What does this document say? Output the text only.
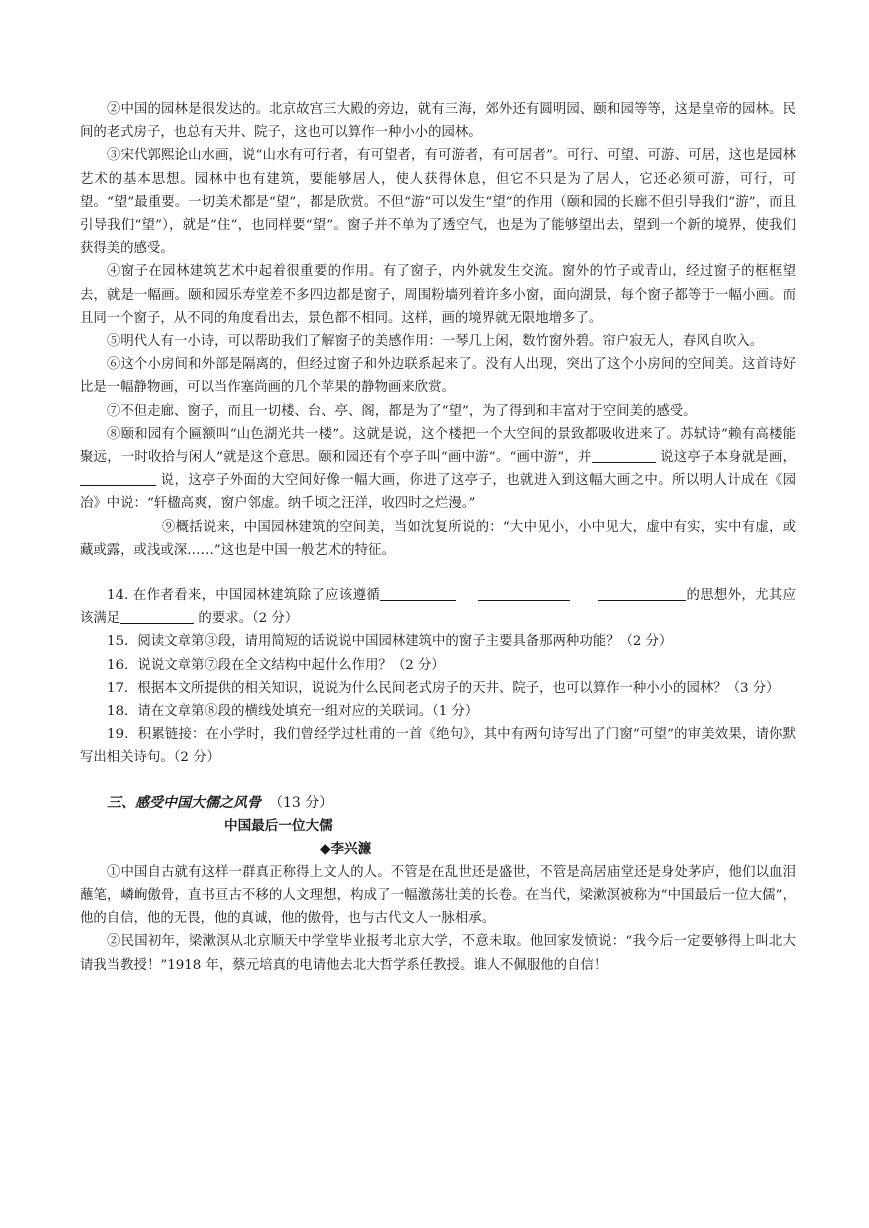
②中国的园林是很发达的。北京故宫三大殿的旁边，就有三海，郊外还有圆明园、颐和园等等，这是皇帝的园林。民间的老式房子，也总有天井、院子，这也可以算作一种小小的园林。

③宋代郭熙论山水画，说“山水有可行者，有可望者，有可游者，有可居者”。可行、可望、可游、可居，这也是园林艺术的基本思想。园林中也有建筑，要能够居人，使人获得休息，但它不只是为了居人，它还必须可游，可行，可望。“望”最重要。一切美术都是“望”，都是欣赏。不但“游”可以发生“望”的作用（颐和园的长廊不但引导我们“游”，而且引导我们“望”），就是“住”，也同样要“望”。窗子并不单为了透空气，也是为了能够望出去，望到一个新的境界，使我们获得美的感受。

④窗子在园林建筑艺术中起着很重要的作用。有了窗子，内外就发生交流。窗外的竹子或青山，经过窗子的框框望去，就是一幅画。颐和园乐寿堂差不多四边都是窗子，周围粉墙列着许多小窗，面向湖景，每个窗子都等于一幅小画。而且同一个窗子，从不同的角度看出去，景色都不相同。这样，画的境界就无限地增多了。

⑤明代人有一小诗，可以帮助我们了解窗子的美感作用：一琴几上闲，数竹窗外碧。帘户寂无人，春风自吹入。

⑥这个小房间和外部是隔离的，但经过窗子和外边联系起来了。没有人出现，突出了这个小房间的空间美。这首诗好比是一幅静物画，可以当作塞尚画的几个苹果的静物画来欣赏。

⑦不但走廊、窗子，而且一切楼、台、亭、阁，都是为了“望”，为了得到和丰富对于空间美的感受。

⑧颐和园有个匾额叫“山色湖光共一楼”。这就是说，这个楼把一个大空间的景致都吸收进来了。苏轼诗“赖有高楼能聚远，一时收拾与闲人”就是这个意思。颐和园还有个亭子叫“画中游”。“画中游”，并	说这亭子本身就是画， 说，这亭子外面的大空间好像一幅大画，你进了这亭子，也就进入到这幅大画之中。所以明人计成在《园冶》中说：“轩楹高爽，窗户邻虚。纳千顷之汪洋，收四时之烂漫。”

⑨概括说来，中国园林建筑的空间美，当如沈复所说的：“大中见小，小中见大，虚中有实，实中有虚，或藏或露，或浅或深……”这也是中国一般艺术的特征。

14. 在作者看来，中国园林建筑除了应该遵循	的思想外，尤其应该满足	的要求。（2 分）

15．阅读文章第③段，请用简短的话说说中国园林建筑中的窗子主要具备那两种功能？（2 分）

16．说说文章第⑦段在全文结构中起什么作用？（2 分）

17．根据本文所提供的相关知识，说说为什么民间老式房子的天井、院子，也可以算作一种小小的园林？（3 分）

18．请在文章第⑧段的横线处填充一组对应的关联词。（1 分）

19．积累链接：在小学时，我们曾经学过杜甫的一首《绝句》，其中有两句诗写出了门窗“可望”的审美效果，请你默写出相关诗句。（2 分）

三、感受中国大儒之风骨 （13 分）

中国最后一位大儒

◆李兴濂

①中国自古就有这样一群真正称得上文人的人。不管是在乱世还是盛世，不管是高居庙堂还是身处茅庐，他们以血泪蘸笔，嶙峋傲骨，直书亘古不移的人文理想，构成了一幅激荡壮美的长卷。在当代，梁漱溟被称为“中国最后一位大儒”，他的自信，他的无畏，他的真诚，他的傲骨，也与古代文人一脉相承。

②民国初年，梁漱溟从北京顺天中学堂毕业报考北京大学，不意未取。他回家发愤说：“我今后一定要够得上叫北大请我当教授！”1918 年，蔡元培真的电请他去北大哲学系任教授。谁人不佩服他的自信！
